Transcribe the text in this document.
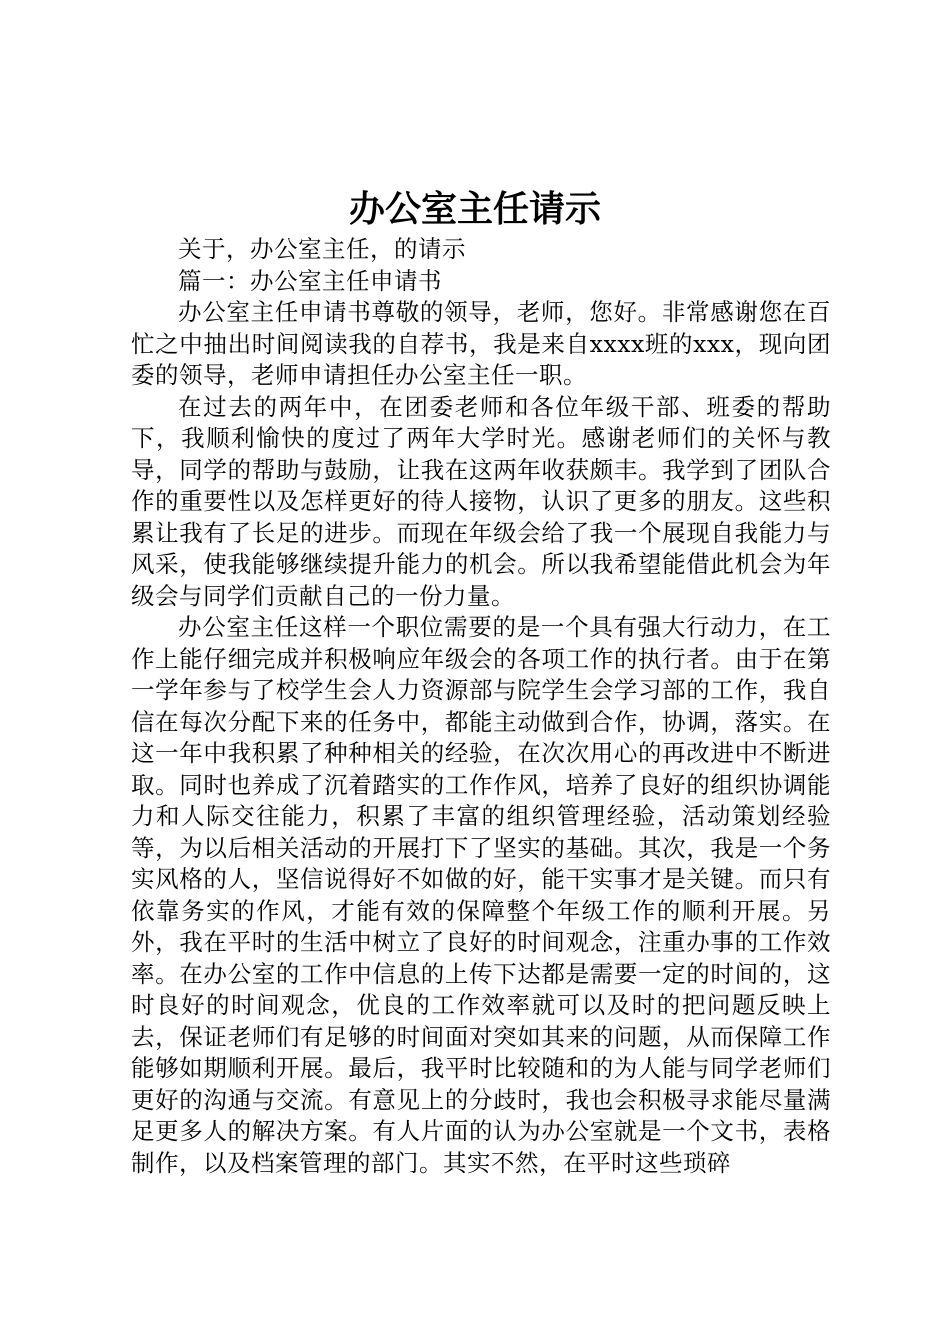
办公室主任请示

关于，办公室主任，的请示

篇一：办公室主任申请书

办公室主任申请书尊敬的领导，老师，您好。非常感谢您在百忙之中抽出时间阅读我的自荐书，我是来自xxxx班的xxx，现向团委的领导，老师申请担任办公室主任一职。

在过去的两年中，在团委老师和各位年级干部、班委的帮助下，我顺利愉快的度过了两年大学时光。感谢老师们的关怀与教导，同学的帮助与鼓励，让我在这两年收获颇丰。我学到了团队合作的重要性以及怎样更好的待人接物，认识了更多的朋友。这些积累让我有了长足的进步。而现在年级会给了我一个展现自我能力与风采，使我能够继续提升能力的机会。所以我希望能借此机会为年级会与同学们贡献自己的一份力量。

办公室主任这样一个职位需要的是一个具有强大行动力，在工作上能仔细完成并积极响应年级会的各项工作的执行者。由于在第一学年参与了校学生会人力资源部与院学生会学习部的工作，我自信在每次分配下来的任务中，都能主动做到合作，协调，落实。在这一年中我积累了种种相关的经验，在次次用心的再改进中不断进取。同时也养成了沉着踏实的工作作风，培养了良好的组织协调能力和人际交往能力，积累了丰富的组织管理经验，活动策划经验等，为以后相关活动的开展打下了坚实的基础。其次，我是一个务实风格的人，坚信说得好不如做的好，能干实事才是关键。而只有依靠务实的作风，才能有效的保障整个年级工作的顺利开展。另外，我在平时的生活中树立了良好的时间观念，注重办事的工作效率。在办公室的工作中信息的上传下达都是需要一定的时间的，这时良好的时间观念，优良的工作效率就可以及时的把问题反映上去，保证老师们有足够的时间面对突如其来的问题，从而保障工作能够如期顺利开展。最后，我平时比较随和的为人能与同学老师们更好的沟通与交流。有意见上的分歧时，我也会积极寻求能尽量满足更多人的解决方案。有人片面的认为办公室就是一个文书，表格制作，以及档案管理的部门。其实不然，在平时这些琐碎
